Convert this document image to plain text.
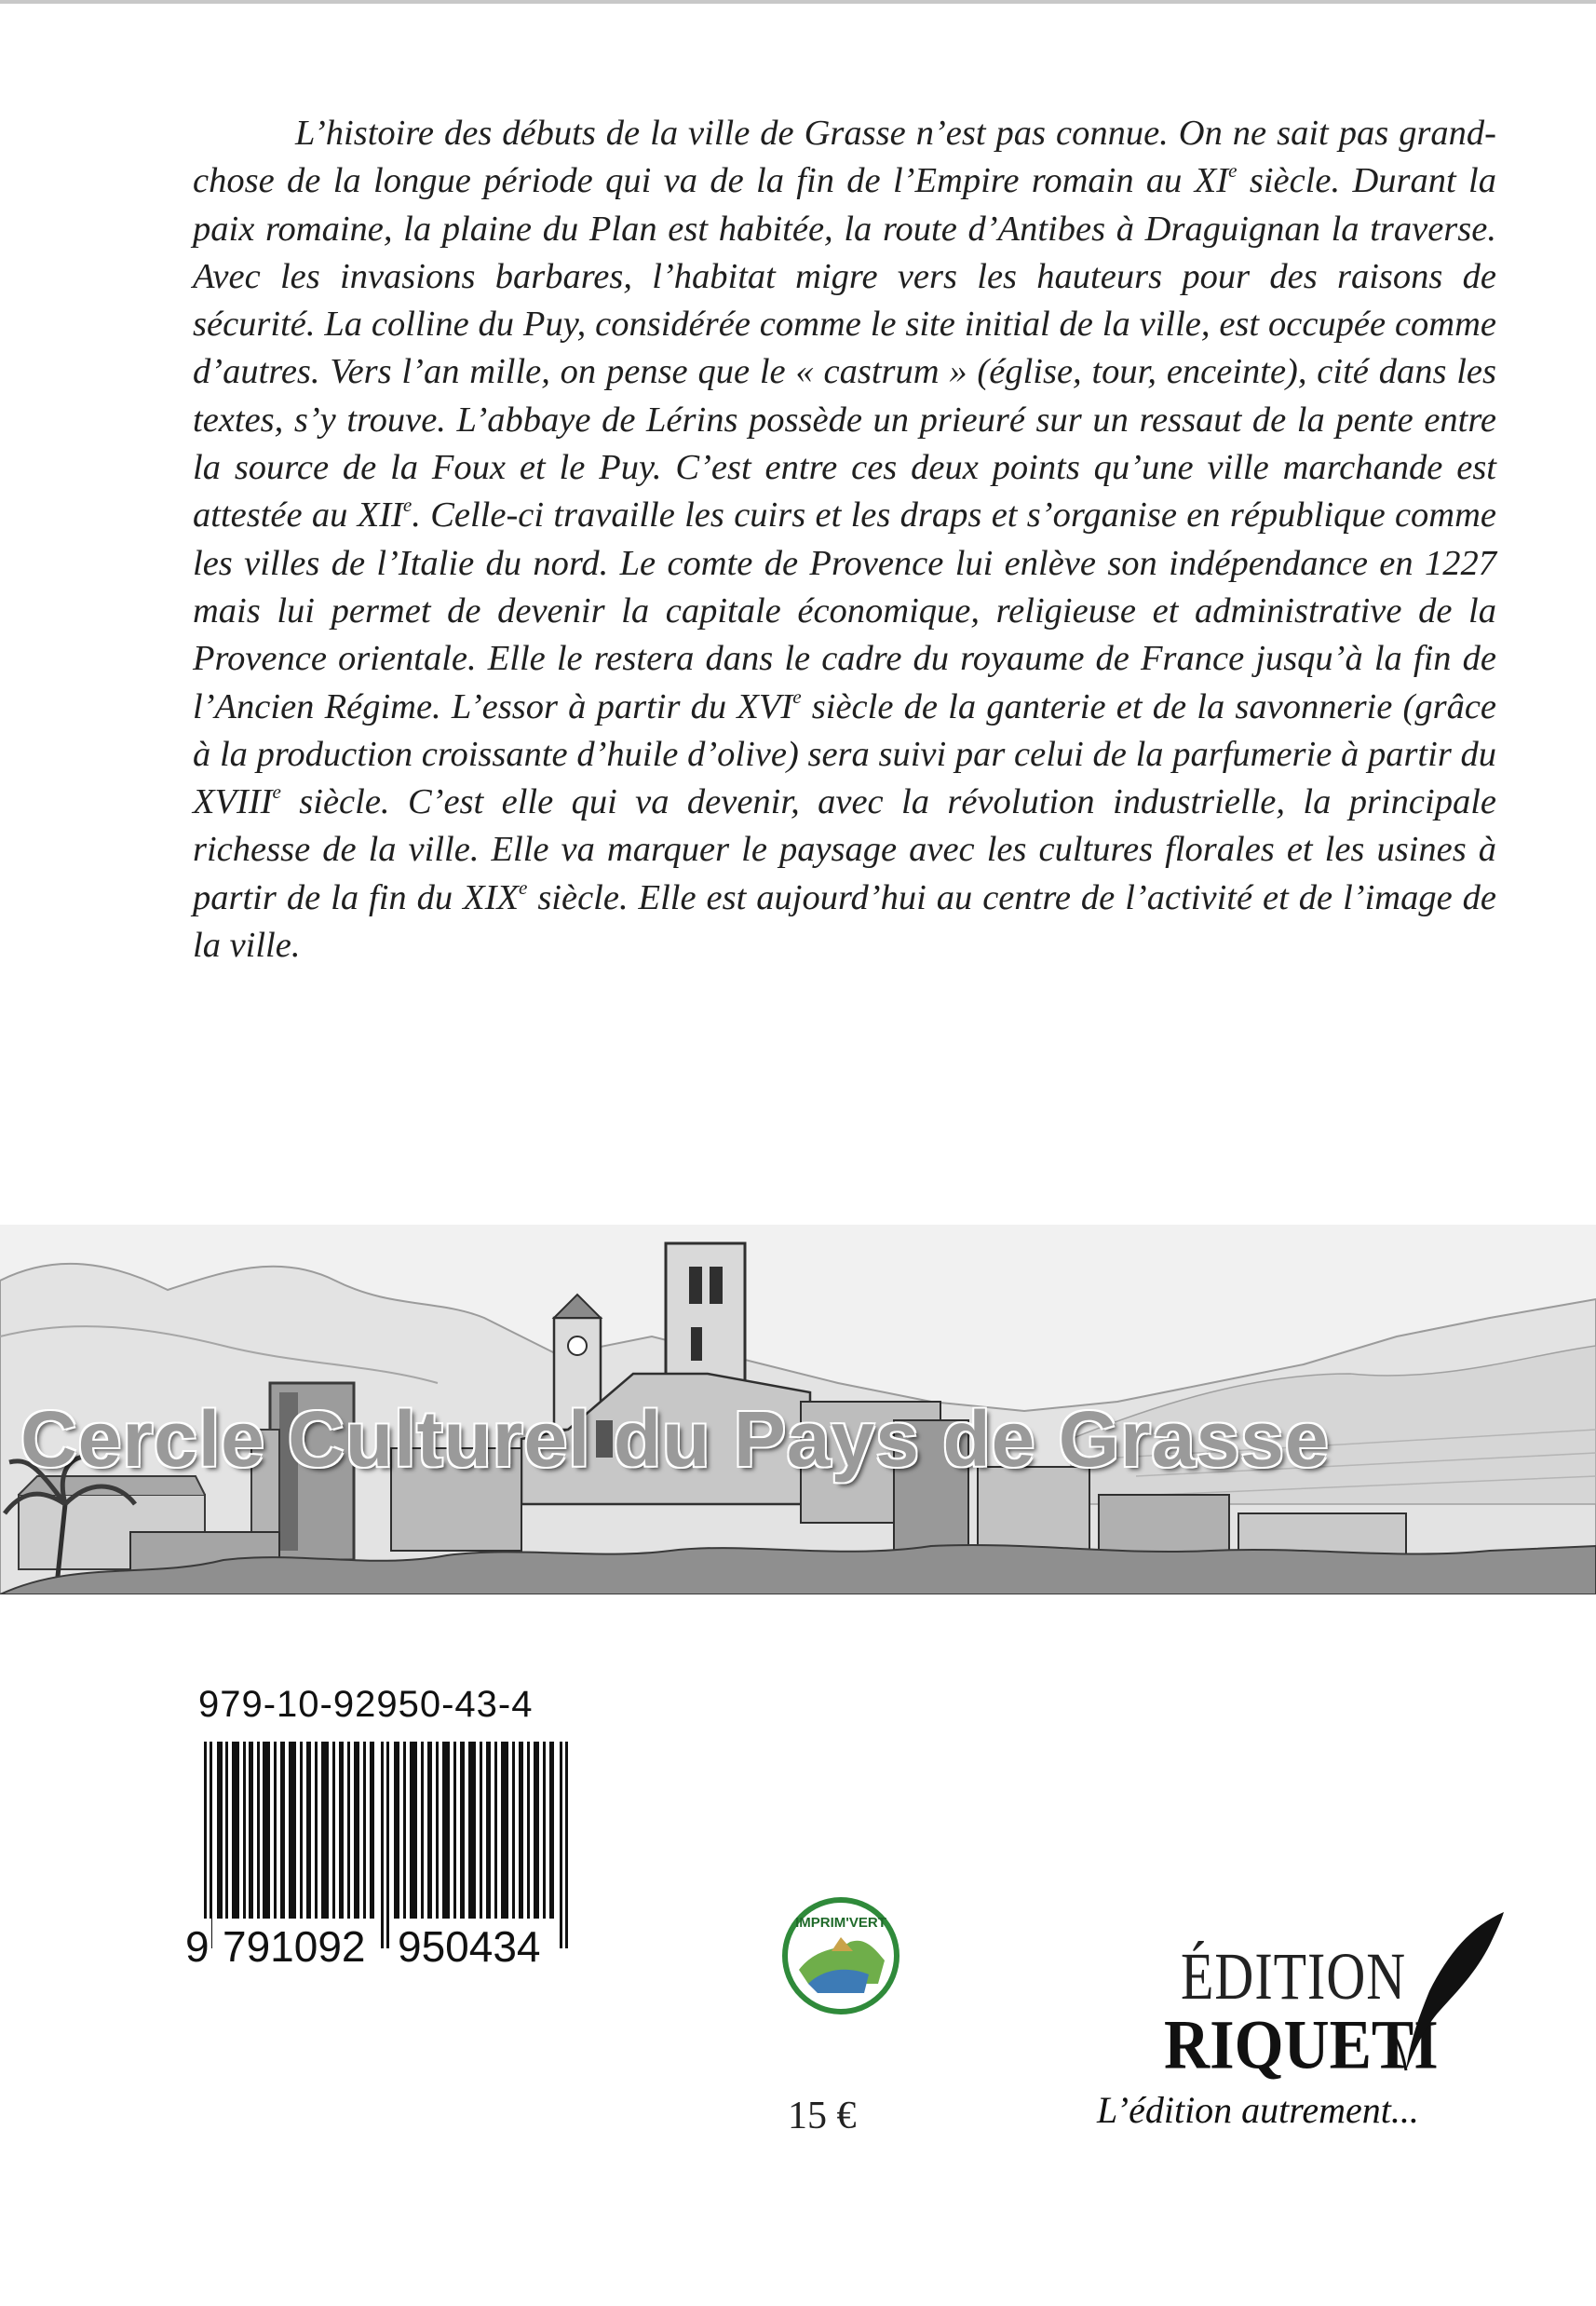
L’histoire des débuts de la ville de Grasse n’est pas connue. On ne sait pas grand-chose de la longue période qui va de la fin de l’Empire romain au XIe siècle. Durant la paix romaine, la plaine du Plan est habitée, la route d’Antibes à Draguignan la traverse. Avec les invasions barbares, l’habitat migre vers les hauteurs pour des raisons de sécurité. La colline du Puy, considérée comme le site initial de la ville, est occupée comme d’autres. Vers l’an mille, on pense que le « castrum » (église, tour, enceinte), cité dans les textes, s’y trouve. L’abbaye de Lérins possède un prieuré sur un ressaut de la pente entre la source de la Foux et le Puy. C’est entre ces deux points qu’une ville marchande est attestée au XIIe. Celle-ci travaille les cuirs et les draps et s’organise en république comme les villes de l’Italie du nord. Le comte de Provence lui enlève son indépendance en 1227 mais lui permet de devenir la capitale économique, religieuse et administrative de la Provence orientale. Elle le restera dans le cadre du royaume de France jusqu’à la fin de l’Ancien Régime. L’essor à partir du XVIe siècle de la ganterie et de la savonnerie (grâce à la production croissante d’huile d’olive) sera suivi par celui de la parfumerie à partir du XVIIIe siècle. C’est elle qui va devenir, avec la révolution industrielle, la principale richesse de la ville. Elle va marquer le paysage avec les cultures florales et les usines à partir de la fin du XIXe siècle. Elle est aujourd’hui au centre de l’activité et de l’image de la ville.
Cercle Culturel du Pays de Grasse
979-10-92950-43-4
9 791092 950434	IMPRIM'VERT
15 €
ÉDITION
RIQUETI
L’édition autrement...
